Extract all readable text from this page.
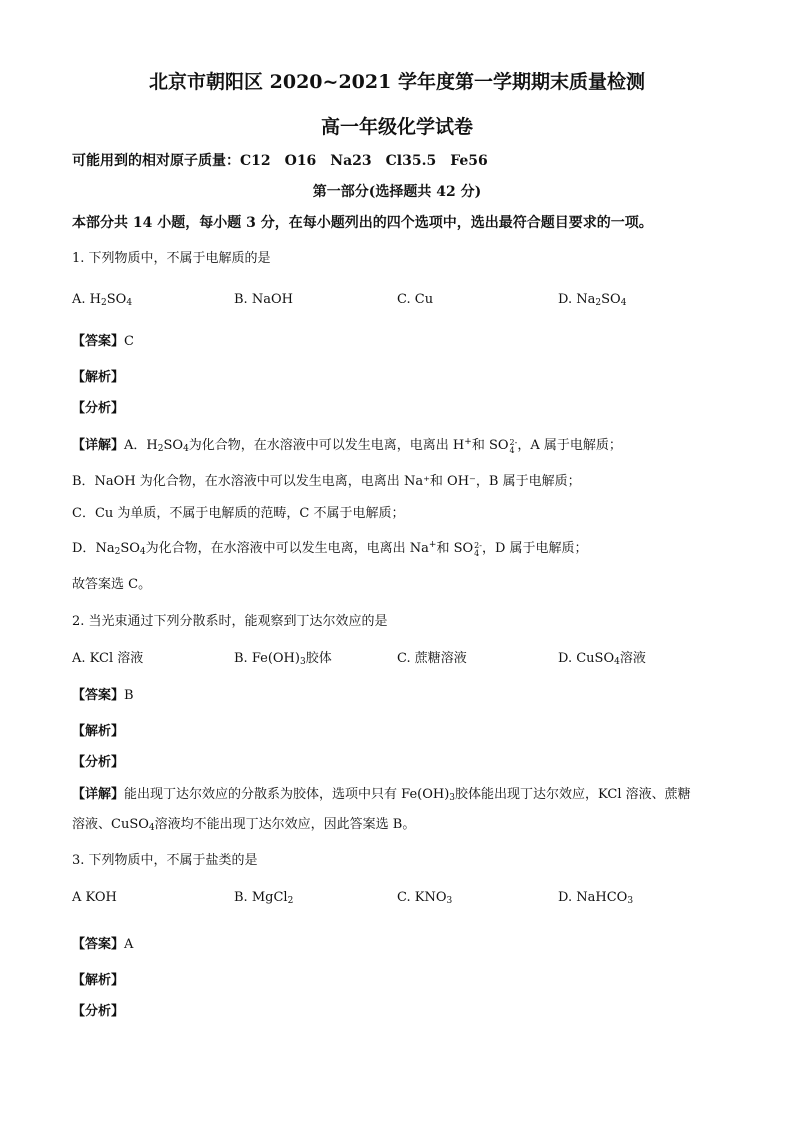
北京市朝阳区 2020~2021 学年度第一学期期末质量检测
高一年级化学试卷
可能用到的相对原子质量：C12　O16　Na23　Cl35.5　Fe56
第一部分(选择题共 42 分)
本部分共 14 小题，每小题 3 分，在每小题列出的四个选项中，选出最符合题目要求的一项。
1. 下列物质中，不属于电解质的是
A. $H_2SO_4$	B. NaOH	C. Cu	D. $Na_2SO_4$
【答案】C
【解析】
【分析】
【详解】A．$H_2SO_4$为化合物，在水溶液中可以发生电离，电离出 H+和 SO 2-
4 ，A 属于电解质；
B．NaOH 为化合物，在水溶液中可以发生电离，电离出 Na⁺和 OH⁻，B 属于电解质；
C．Cu 为单质，不属于电解质的范畴，C 不属于电解质；
D．$Na_2SO_4$为化合物，在水溶液中可以发生电离，电离出 Na+和 SO 2-
4 ，D 属于电解质；
故答案选 C。
2. 当光束通过下列分散系时，能观察到丁达尔效应的是
A. KCl 溶液	B. $Fe(OH)_3$胶体	C. 蔗糖溶液	D. CuSO$_4$溶液
【答案】B
【解析】
【分析】
【详解】能出现丁达尔效应的分散系为胶体，选项中只有 $Fe(OH)_3$胶体能出现丁达尔效应，KCl 溶液、蔗糖
溶液、CuSO$_4$溶液均不能出现丁达尔效应，因此答案选 B。
3. 下列物质中，不属于盐类的是
A KOH	B. MgCl$_2$	C. $KNO_3$	D. NaHCO$_3$
【答案】A
【解析】
【分析】
